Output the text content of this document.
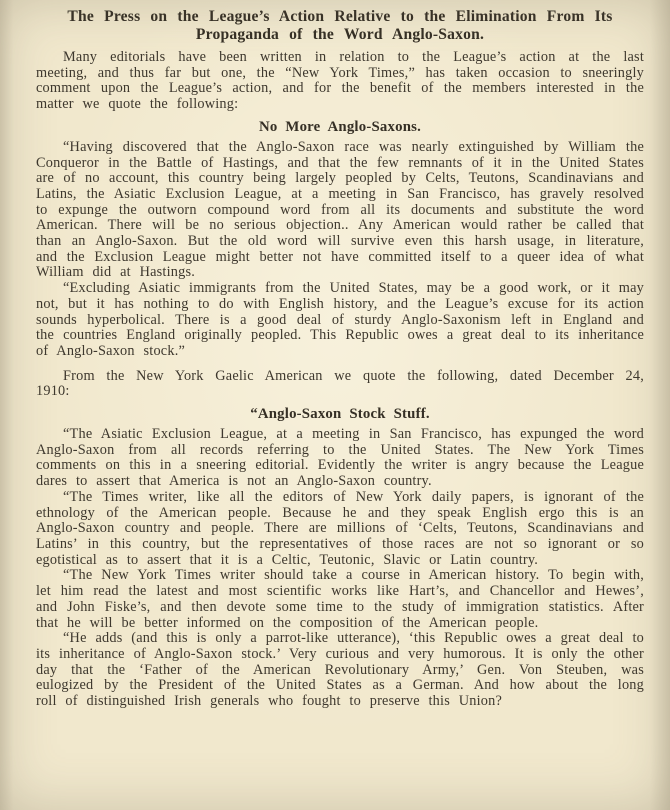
The Press on the League’s Action Relative to the Elimination From Its Propaganda of the Word Anglo-Saxon.

Many editorials have been written in relation to the League’s action at the last meeting, and thus far but one, the “New York Times,” has taken occasion to sneeringly comment upon the League’s action, and for the benefit of the members interested in the matter we quote the following:

No More Anglo-Saxons.

“Having discovered that the Anglo-Saxon race was nearly extinguished by William the Conqueror in the Battle of Hastings, and that the few remnants of it in the United States are of no account, this country being largely peopled by Celts, Teutons, Scandinavians and Latins, the Asiatic Exclusion League, at a meeting in San Francisco, has gravely resolved to expunge the outworn compound word from all its documents and substitute the word American. There will be no serious objection.. Any American would rather be called that than an Anglo-Saxon. But the old word will survive even this harsh usage, in literature, and the Exclusion League might better not have committed itself to a queer idea of what William did at Hastings.

“Excluding Asiatic immigrants from the United States, may be a good work, or it may not, but it has nothing to do with English history, and the League’s excuse for its action sounds hyperbolical. There is a good deal of sturdy Anglo-Saxonism left in England and the countries England originally peopled. This Republic owes a great deal to its inheritance of Anglo-Saxon stock.”

From the New York Gaelic American we quote the following, dated December 24, 1910:

“Anglo-Saxon Stock Stuff.

“The Asiatic Exclusion League, at a meeting in San Francisco, has expunged the word Anglo-Saxon from all records referring to the United States. The New York Times comments on this in a sneering editorial. Evidently the writer is angry because the League dares to assert that America is not an Anglo-Saxon country.

“The Times writer, like all the editors of New York daily papers, is ignorant of the ethnology of the American people. Because he and they speak English ergo this is an Anglo-Saxon country and people. There are millions of ‘Celts, Teutons, Scandinavians and Latins’ in this country, but the representatives of those races are not so ignorant or so egotistical as to assert that it is a Celtic, Teutonic, Slavic or Latin country.

“The New York Times writer should take a course in American history. To begin with, let him read the latest and most scientific works like Hart’s, and Chancellor and Hewes’, and John Fiske’s, and then devote some time to the study of immigration statistics. After that he will be better informed on the composition of the American people.

“He adds (and this is only a parrot-like utterance), ‘this Republic owes a great deal to its inheritance of Anglo-Saxon stock.’ Very curious and very humorous. It is only the other day that the ‘Father of the American Revolutionary Army,’ Gen. Von Steuben, was eulogized by the President of the United States as a German. And how about the long roll of distinguished Irish generals who fought to preserve this Union?
